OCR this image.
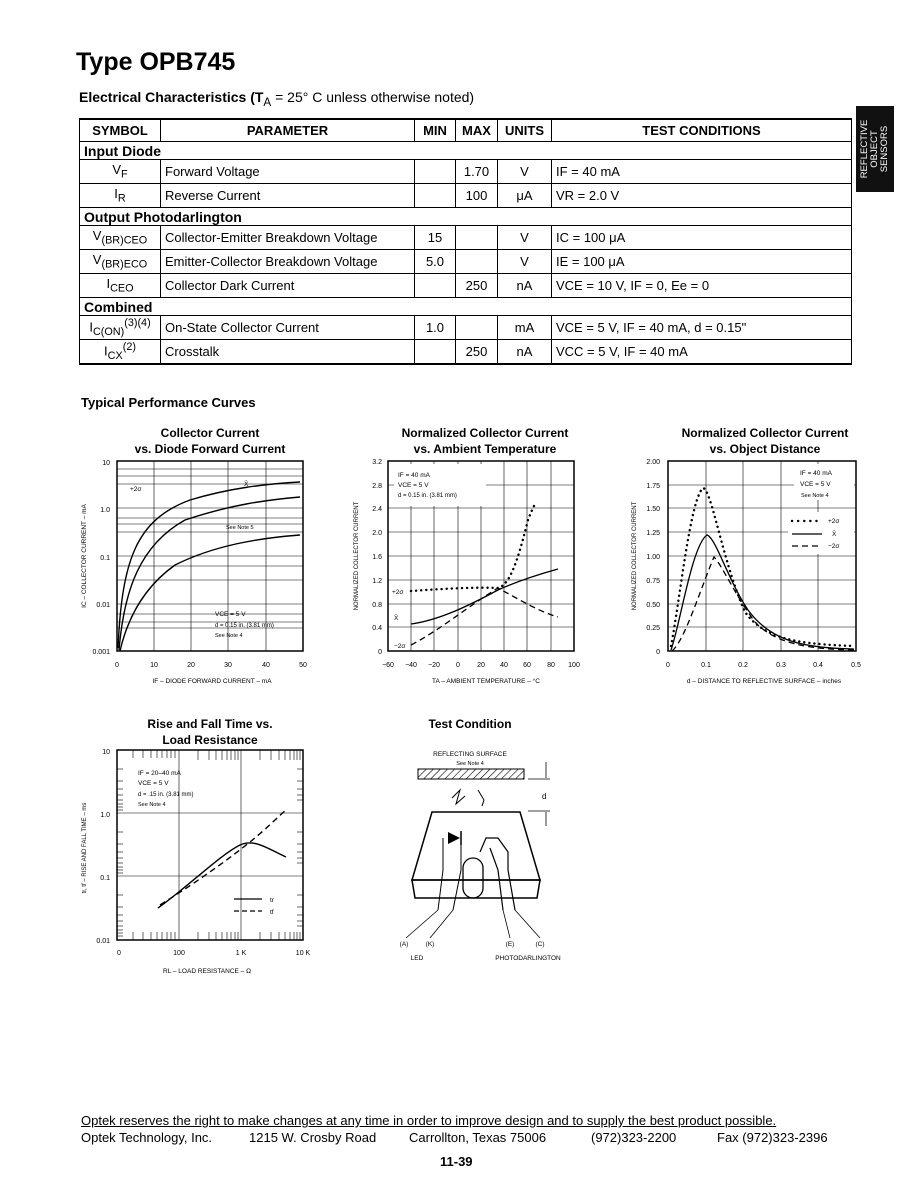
Type OPB745
Electrical Characteristics ($T_A = 25^\circ$ C unless otherwise noted)
REFLECTIVE
OBJECT
SENSORS
SYMBOL	PARAMETER	MIN	MAX	UNITS	TEST CONDITIONS
Input Diode					
$V_F$	Forward Voltage		1.70	V	IF = 40 mA
$I_R$	Reverse Current		100	μA	VR = 2.0 V
Output Photodarlington					
$V_{(BR)CEO}$	Collector-Emitter Breakdown Voltage	15		V	IC = 100 μA
$V_{(BR)ECO}$	Emitter-Collector Breakdown Voltage	5.0		V	IE = 100 μA
$I_{CEO}$	Collector Dark Current		250	nA	VCE = 10 V, IF = 0, Ee = 0
Combined					
$I_{C(ON)}^{(3)(4)}$	On-State Collector Current	1.0		mA	VCE = 5 V, IF = 40 mA, d = 0.15"
$I_{CX}^{(2)}$	Crosstalk		250	nA	VCC = 5 V, IF = 40 mA
Typical Performance Curves
Collector Current
vs. Diode Forward Current
Normalized Collector Current
vs. Ambient Temperature
Normalized Collector Current
vs. Object Distance
Rise and Fall Time vs.
Load Resistance
Test Condition
10
1.0
0.1
0.01
0.001
0	10	20	30	40	50
IF – DIODE FORWARD CURRENT – mA
IC – COLLECTOR CURRENT – mA
+2σ
X̄
See Note 5
VCE = 5 V
d = 0.15 in. (3.81 mm)
See Note 4
3.2
2.8
2.4
2.0
1.6
1.2
0.8
0.4
0
−60 −40 −20 0 20 40 60 80 100
TA – AMBIENT TEMPERATURE – °C
NORMALIZED COLLECTOR CURRENT
IF = 40 mA
VCE = 5 V
d = 0.15 in. (3.81 mm)
+2σ
X̄
−2σ
2.00
1.75
1.50
1.25
1.00
0.75
0.50
0.25
0
0	0.1	0.2	0.3	0.4	0.5
d – DISTANCE TO REFLECTIVE SURFACE – inches
NORMALIZED COLLECTOR CURRENT
IF = 40 mA
VCE = 5 V
See Note 4
+2σ
X̄
−2σ
10
1.0
0.1
0.01
0	100	1 K	10 K
RL – LOAD RESISTANCE – Ω
tr, tf – RISE AND FALL TIME – ms
IF = 20–40 mA
VCE = 5 V
d = .15 in. (3.81 mm)
See Note 4
tr
tf
REFLECTING SURFACE
See Note 4
d
(A)	(K)	(E)	(C)
LED	PHOTODARLINGTON
Optek reserves the right to make changes at any time in order to improve design and to supply the best product possible.
Optek Technology, Inc.	1215 W. Crosby Road	Carrollton, Texas 75006	(972)323-2200	Fax (972)323-2396
11-39
